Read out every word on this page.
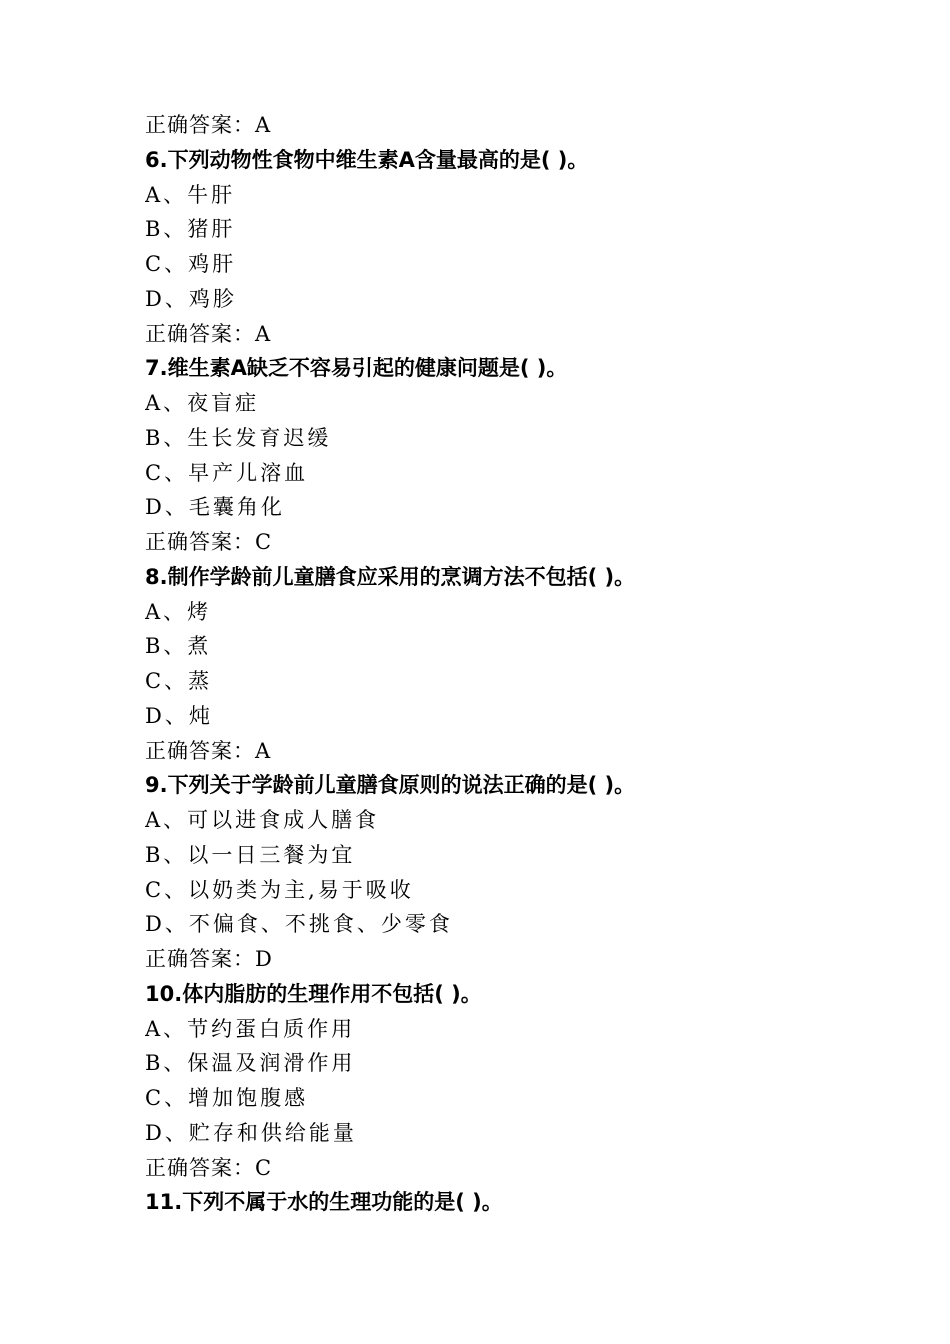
正确答案：A
6.下列动物性食物中维生素A含量最高的是( )。
A、牛肝
B、猪肝
C、鸡肝
D、鸡胗
正确答案：A
7.维生素A缺乏不容易引起的健康问题是( )。
A、夜盲症
B、生长发育迟缓
C、早产儿溶血
D、毛囊角化
正确答案：C
8.制作学龄前儿童膳食应采用的烹调方法不包括( )。
A、烤
B、煮
C、蒸
D、炖
正确答案：A
9.下列关于学龄前儿童膳食原则的说法正确的是( )。
A、可以进食成人膳食
B、以一日三餐为宜
C、以奶类为主,易于吸收
D、不偏食、不挑食、少零食
正确答案：D
10.体内脂肪的生理作用不包括( )。
A、节约蛋白质作用
B、保温及润滑作用
C、增加饱腹感
D、贮存和供给能量
正确答案：C
11.下列不属于水的生理功能的是( )。
